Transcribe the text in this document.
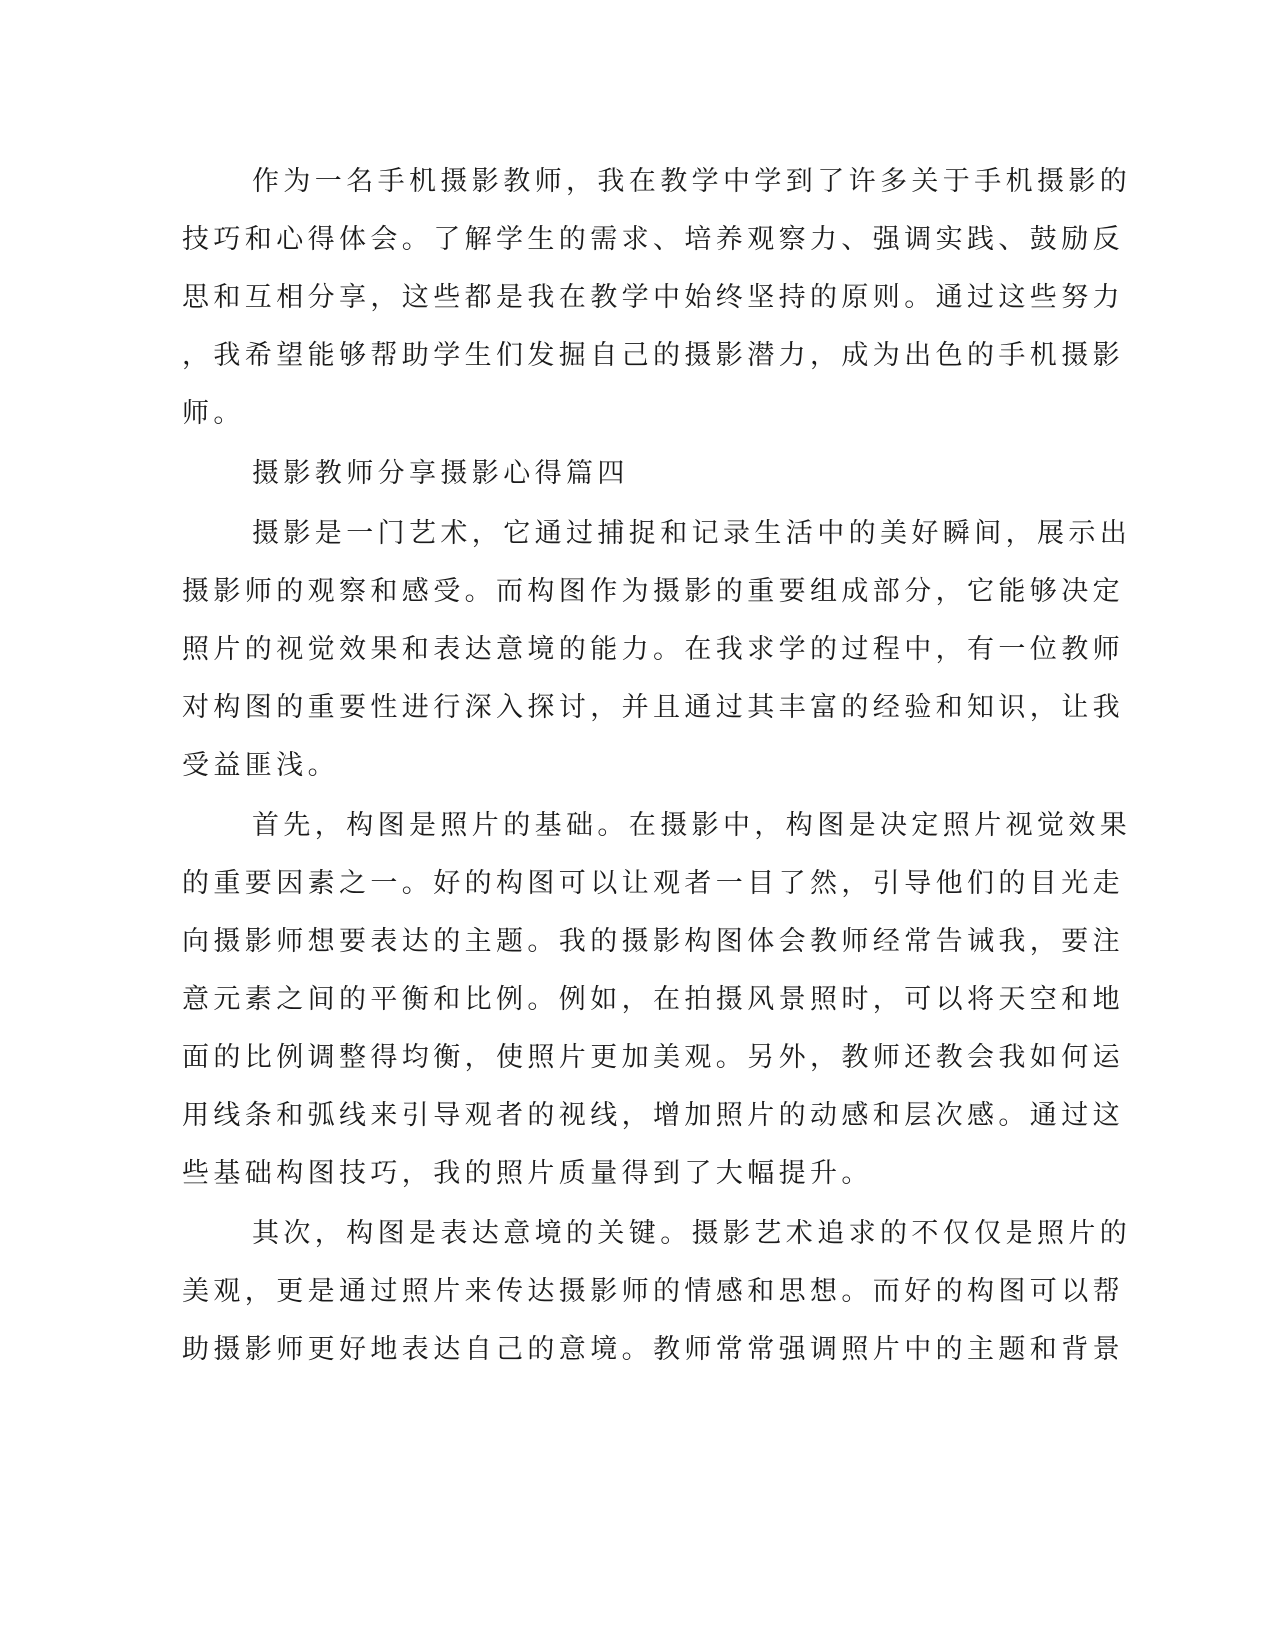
作为一名手机摄影教师，我在教学中学到了许多关于手机摄影的
技巧和心得体会。了解学生的需求、培养观察力、强调实践、鼓励反
思和互相分享，这些都是我在教学中始终坚持的原则。通过这些努力
，我希望能够帮助学生们发掘自己的摄影潜力，成为出色的手机摄影
师。
摄影教师分享摄影心得篇四
摄影是一门艺术，它通过捕捉和记录生活中的美好瞬间，展示出
摄影师的观察和感受。而构图作为摄影的重要组成部分，它能够决定
照片的视觉效果和表达意境的能力。在我求学的过程中，有一位教师
对构图的重要性进行深入探讨，并且通过其丰富的经验和知识，让我
受益匪浅。
首先，构图是照片的基础。在摄影中，构图是决定照片视觉效果
的重要因素之一。好的构图可以让观者一目了然，引导他们的目光走
向摄影师想要表达的主题。我的摄影构图体会教师经常告诫我，要注
意元素之间的平衡和比例。例如，在拍摄风景照时，可以将天空和地
面的比例调整得均衡，使照片更加美观。另外，教师还教会我如何运
用线条和弧线来引导观者的视线，增加照片的动感和层次感。通过这
些基础构图技巧，我的照片质量得到了大幅提升。
其次，构图是表达意境的关键。摄影艺术追求的不仅仅是照片的
美观，更是通过照片来传达摄影师的情感和思想。而好的构图可以帮
助摄影师更好地表达自己的意境。教师常常强调照片中的主题和背景
